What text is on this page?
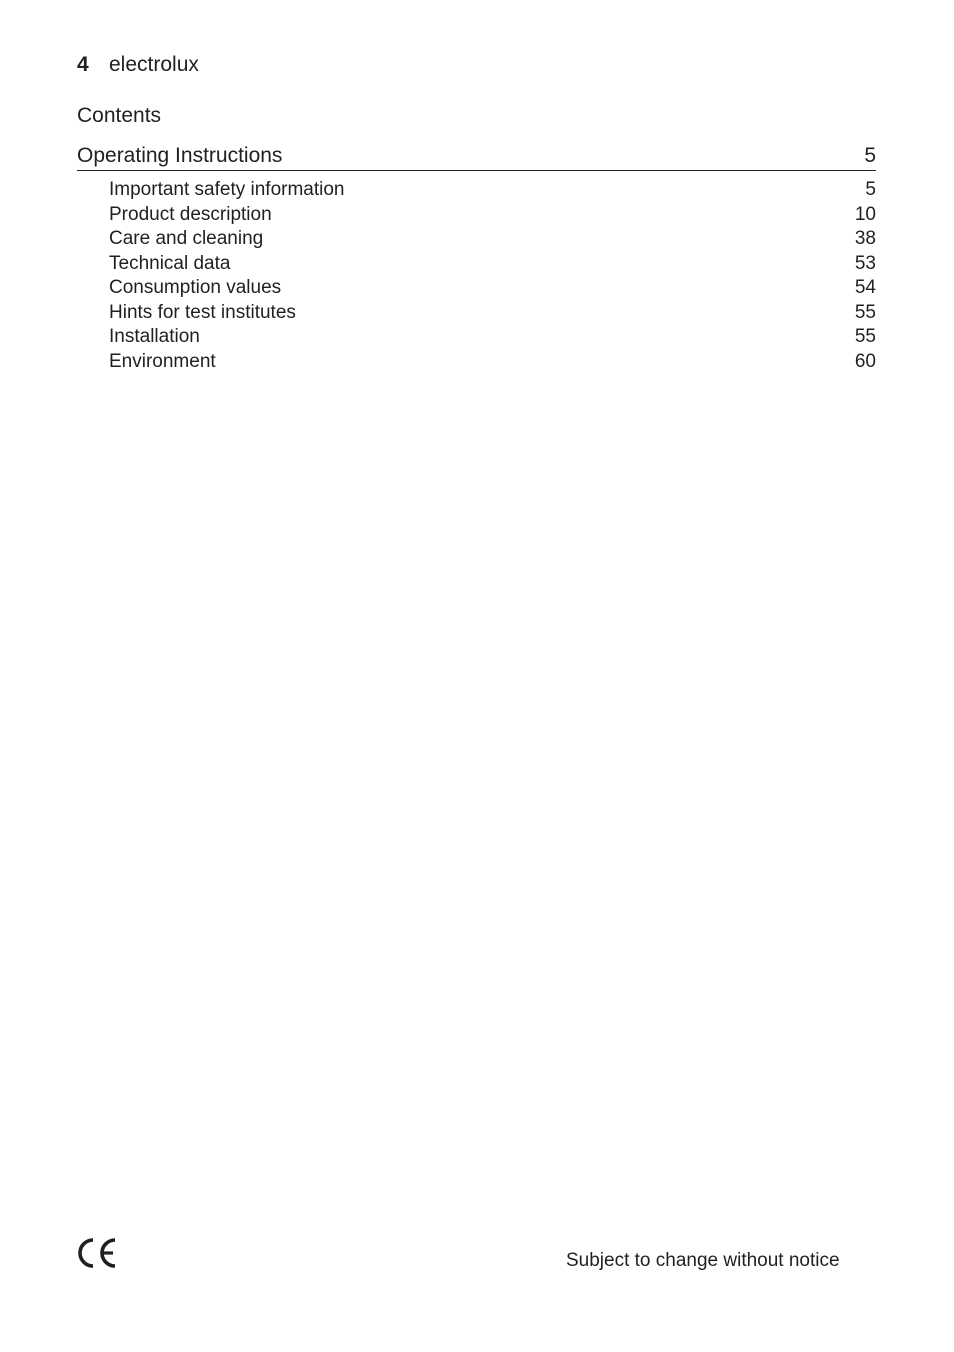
4 electrolux
Contents
Operating Instructions	5
Important safety information	5
Product description	10
Care and cleaning	38
Technical data	53
Consumption values	54
Hints for test institutes	55
Installation	55
Environment	60
Subject to change without notice
